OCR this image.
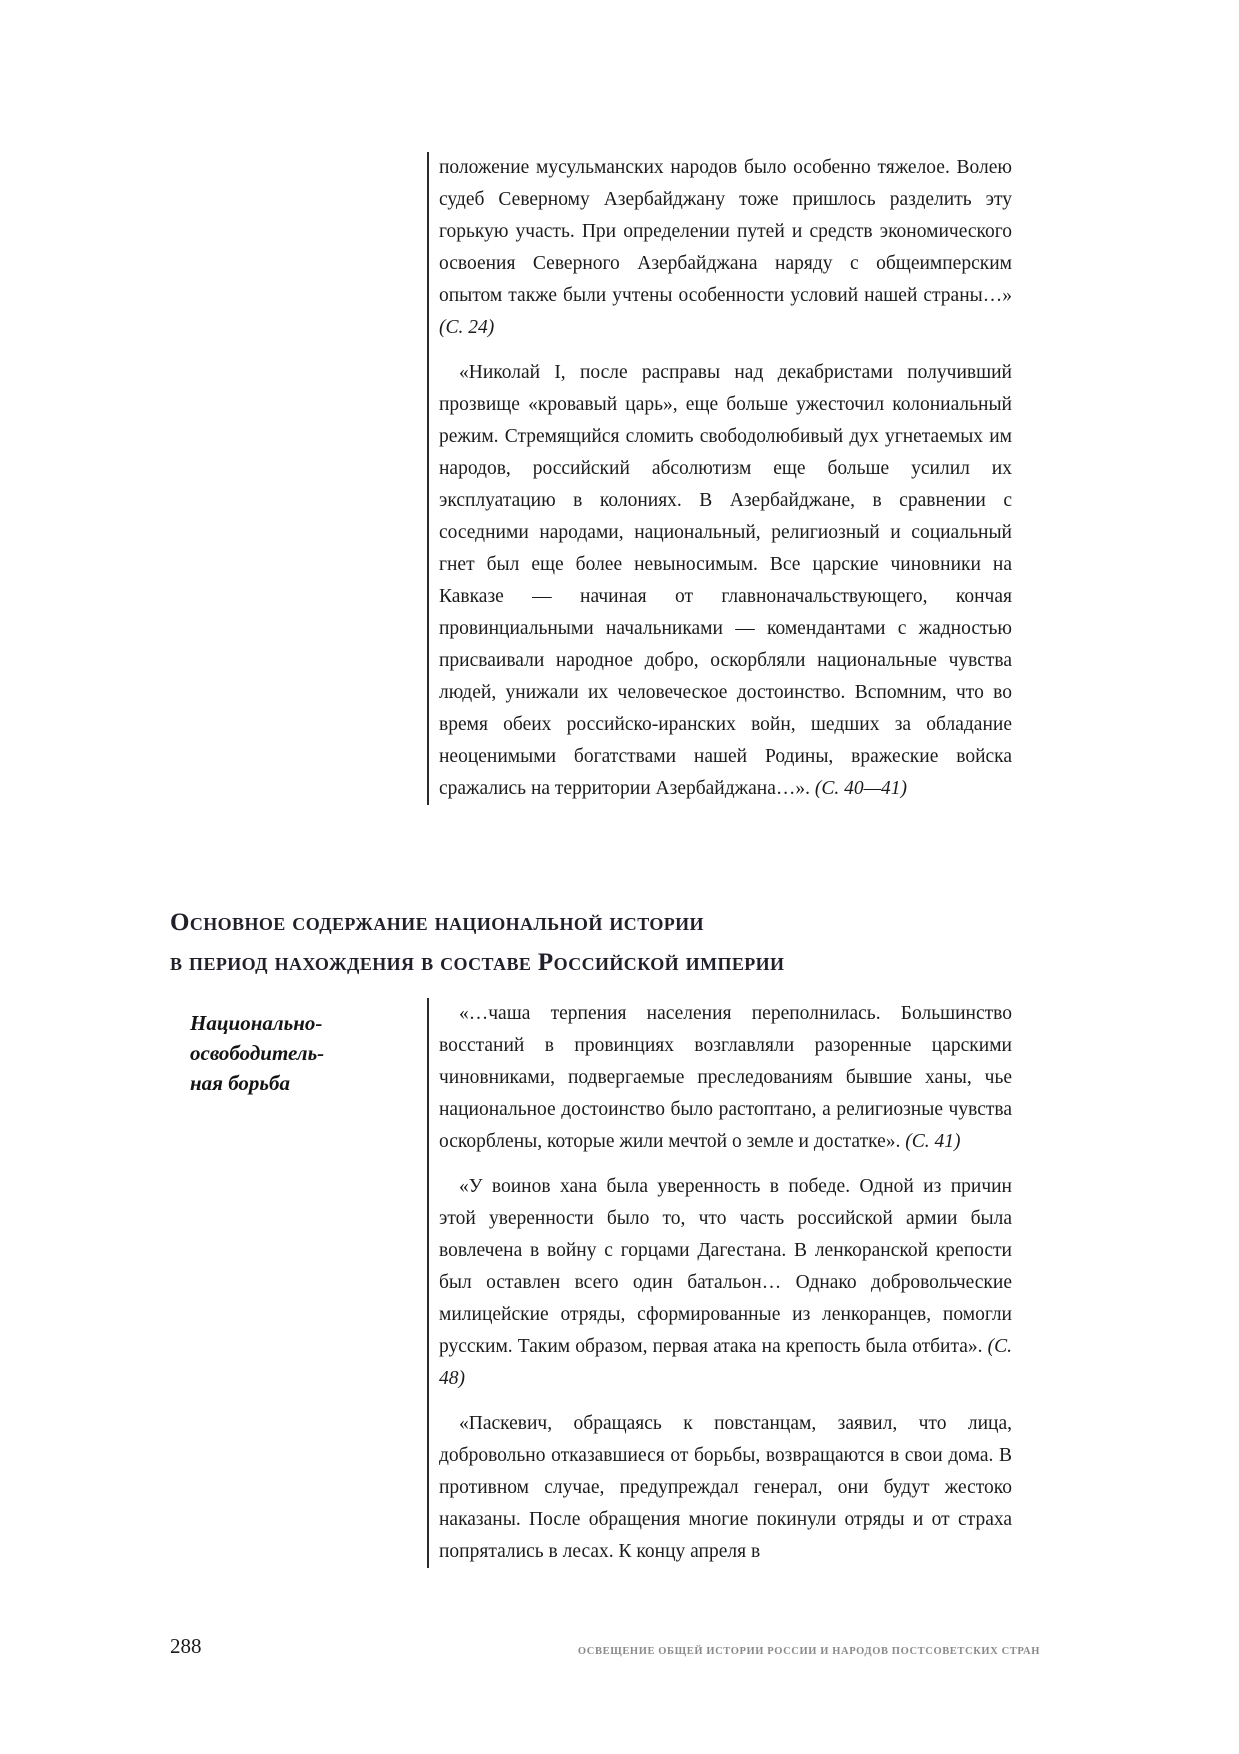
положение мусульманских народов было особенно тяжелое. Волею судеб Северному Азербайджану тоже пришлось разделить эту горькую участь. При определении путей и средств экономического освоения Северного Азербайджана наряду с общеимперским опытом также были учтены особенности условий нашей страны…» (С. 24)

«Николай I, после расправы над декабристами получивший прозвище «кровавый царь», еще больше ужесточил колониальный режим. Стремящийся сломить свободолюбивый дух угнетаемых им народов, российский абсолютизм еще больше усилил их эксплуатацию в колониях. В Азербайджане, в сравнении с соседними народами, национальный, религиозный и социальный гнет был еще более невыносимым. Все царские чиновники на Кавказе — начиная от главноначальствующего, кончая провинциальными начальниками — комендантами с жадностью присваивали народное добро, оскорбляли национальные чувства людей, унижали их человеческое достоинство. Вспомним, что во время обеих российско-иранских войн, шедших за обладание неоценимыми богатствами нашей Родины, вражеские войска сражались на территории Азербайджана…». (С. 40—41)

Основное содержание национальной истории
в период нахождения в составе Российской империи
Национально-
освободитель-
ная борьба

«…чаша терпения населения переполнилась. Большинство восстаний в провинциях возглавляли разоренные царскими чиновниками, подвергаемые преследованиям бывшие ханы, чье национальное достоинство было растоптано, а религиозные чувства оскорблены, которые жили мечтой о земле и достатке». (С. 41)

«У воинов хана была уверенность в победе. Одной из причин этой уверенности было то, что часть российской армии была вовлечена в войну с горцами Дагестана. В ленкоранской крепости был оставлен всего один батальон… Однако добровольческие милицейские отряды, сформированные из ленкоранцев, помогли русским. Таким образом, первая атака на крепость была отбита». (С. 48)

«Паскевич, обращаясь к повстанцам, заявил, что лица, добровольно отказавшиеся от борьбы, возвращаются в свои дома. В противном случае, предупреждал генерал, они будут жестоко наказаны. После обращения многие покинули отряды и от страха попрятались в лесах. К концу апреля в

288	ОСВЕЩЕНИЕ ОБЩЕЙ ИСТОРИИ РОССИИ И НАРОДОВ ПОСТСОВЕТСКИХ СТРАН
